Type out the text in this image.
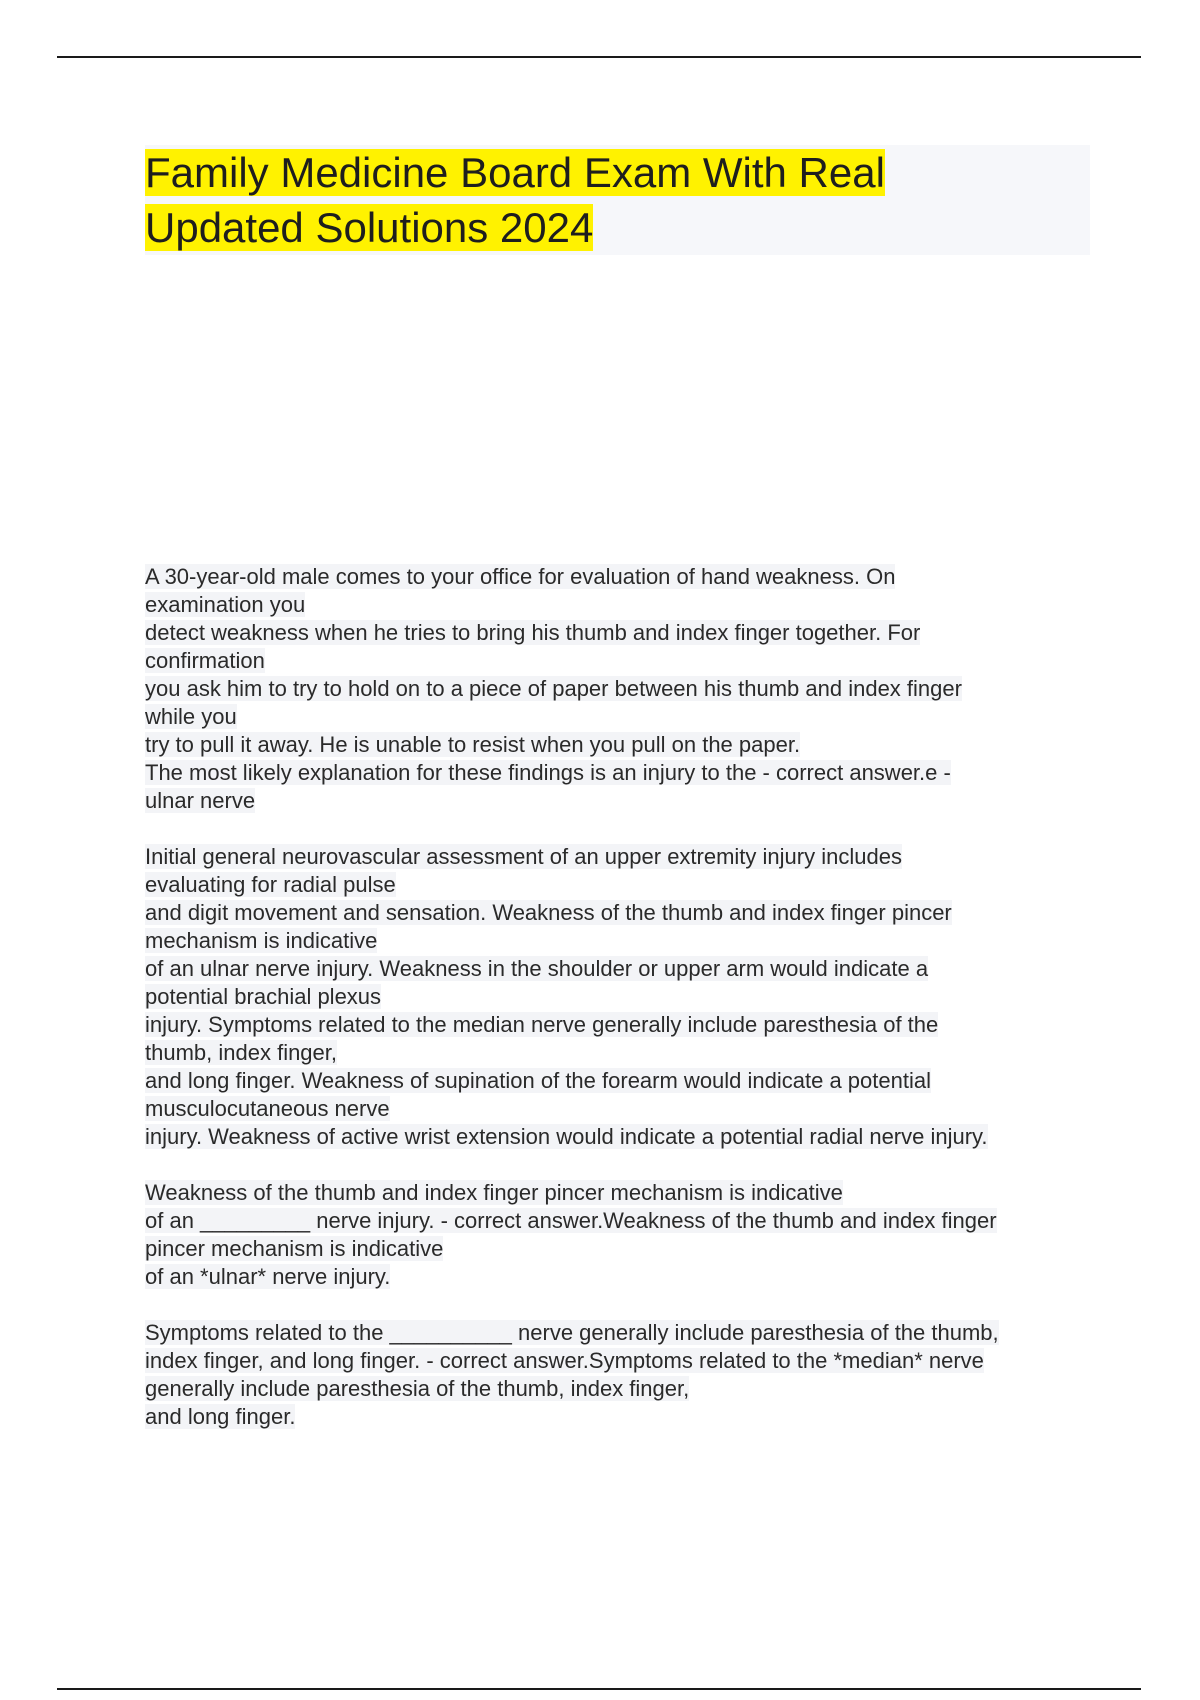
Family Medicine Board Exam With Real
Updated Solutions 2024
A 30-year-old male comes to your office for evaluation of hand weakness. On
examination you
detect weakness when he tries to bring his thumb and index finger together. For
confirmation
you ask him to try to hold on to a piece of paper between his thumb and index finger
while you
try to pull it away. He is unable to resist when you pull on the paper.
The most likely explanation for these findings is an injury to the - correct answer.e -
ulnar nerve
Initial general neurovascular assessment of an upper extremity injury includes
evaluating for radial pulse
and digit movement and sensation. Weakness of the thumb and index finger pincer
mechanism is indicative
of an ulnar nerve injury. Weakness in the shoulder or upper arm would indicate a
potential brachial plexus
injury. Symptoms related to the median nerve generally include paresthesia of the
thumb, index finger,
and long finger. Weakness of supination of the forearm would indicate a potential
musculocutaneous nerve
injury. Weakness of active wrist extension would indicate a potential radial nerve injury.
Weakness of the thumb and index finger pincer mechanism is indicative
of an _________ nerve injury. - correct answer.Weakness of the thumb and index finger
pincer mechanism is indicative
of an *ulnar* nerve injury.
Symptoms related to the __________ nerve generally include paresthesia of the thumb,
index finger, and long finger. - correct answer.Symptoms related to the *median* nerve
generally include paresthesia of the thumb, index finger,
and long finger.
